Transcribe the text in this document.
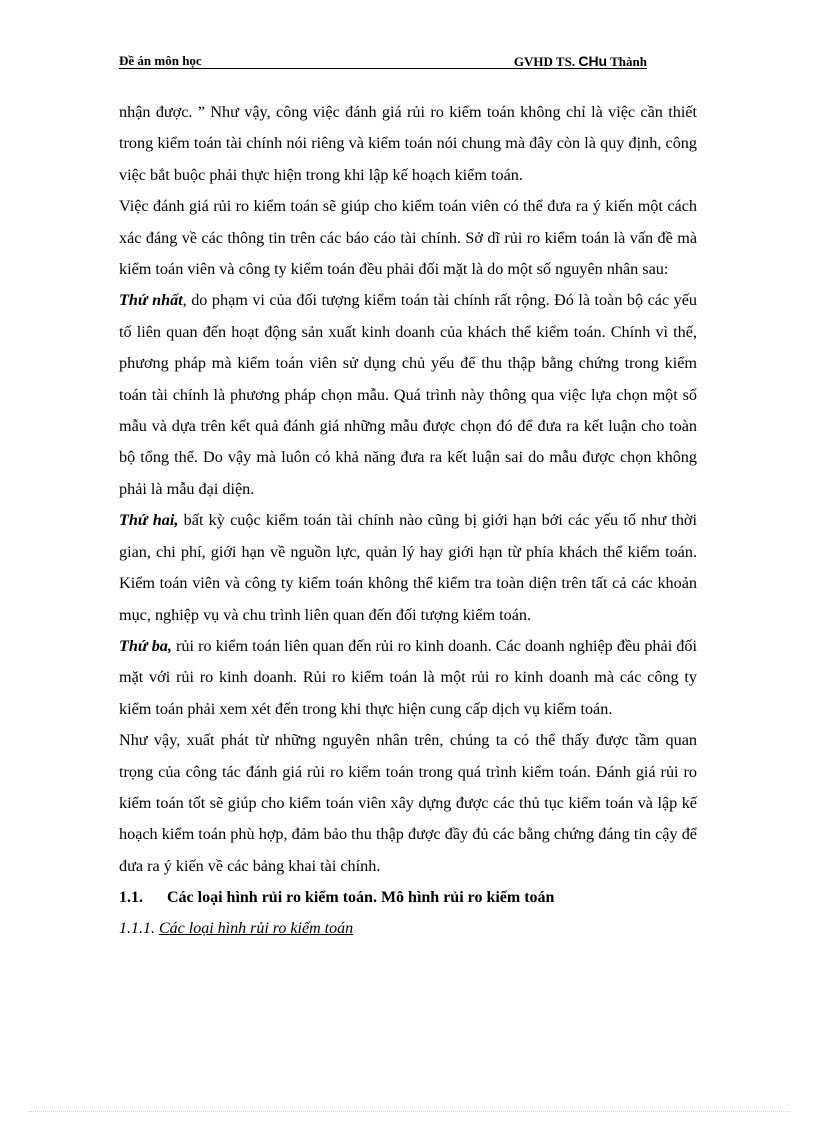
Đề án môn học	GVHD TS. CHu Thành

nhận được. ” Như vậy, công việc đánh giá rủi ro kiểm toán không chỉ là việc cần thiết trong kiểm toán tài chính nói riêng và kiểm toán nói chung mà đây còn là quy định, công việc bắt buộc phải thực hiện trong khi lập kế hoạch kiểm toán.

Việc đánh giá rủi ro kiểm toán sẽ giúp cho kiểm toán viên có thể đưa ra ý kiến một cách xác đáng về các thông tin trên các báo cáo tài chính. Sở dĩ rủi ro kiểm toán là vấn đề mà kiểm toán viên và công ty kiểm toán đều phải đối mặt là do một số nguyên nhân sau:

Thứ nhất, do phạm vi của đối tượng kiểm toán tài chính rất rộng. Đó là toàn bộ các yếu tố liên quan đến hoạt động sản xuất kinh doanh của khách thể kiểm toán. Chính vì thế, phương pháp mà kiểm toán viên sử dụng chủ yếu để thu thập bằng chứng trong kiểm toán tài chính là phương pháp chọn mẫu. Quá trình này thông qua việc lựa chọn một số mẫu và dựa trên kết quả đánh giá những mẫu được chọn đó để đưa ra kết luận cho toàn bộ tổng thể. Do vậy mà luôn có khả năng đưa ra kết luận sai do mẫu được chọn không phải là mẫu đại diện.

Thứ hai, bất kỳ cuộc kiểm toán tài chính nào cũng bị giới hạn bởi các yếu tố như thời gian, chi phí, giới hạn về nguồn lực, quản lý hay giới hạn từ phía khách thể kiểm toán. Kiểm toán viên và công ty kiểm toán không thể kiểm tra toàn diện trên tất cả các khoản mục, nghiệp vụ và chu trình liên quan đến đối tượng kiểm toán.

Thứ ba, rủi ro kiểm toán liên quan đến rủi ro kinh doanh. Các doanh nghiệp đều phải đối mặt với rủi ro kinh doanh. Rủi ro kiểm toán là một rủi ro kinh doanh mà các công ty kiểm toán phải xem xét đến trong khi thực hiện cung cấp dịch vụ kiểm toán.

Như vậy, xuất phát từ những nguyên nhân trên, chúng ta có thể thấy được tầm quan trọng của công tác đánh giá rủi ro kiểm toán trong quá trình kiểm toán. Đánh giá rủi ro kiểm toán tốt sẽ giúp cho kiểm toán viên xây dựng được các thủ tục kiểm toán và lập kế hoạch kiểm toán phù hợp, đảm bảo thu thập được đầy đủ các bằng chứng đáng tin cậy để đưa ra ý kiến về các bảng khai tài chính.

1.1. Các loại hình rủi ro kiểm toán. Mô hình rủi ro kiểm toán
1.1.1. Các loại hình rủi ro kiểm toán
